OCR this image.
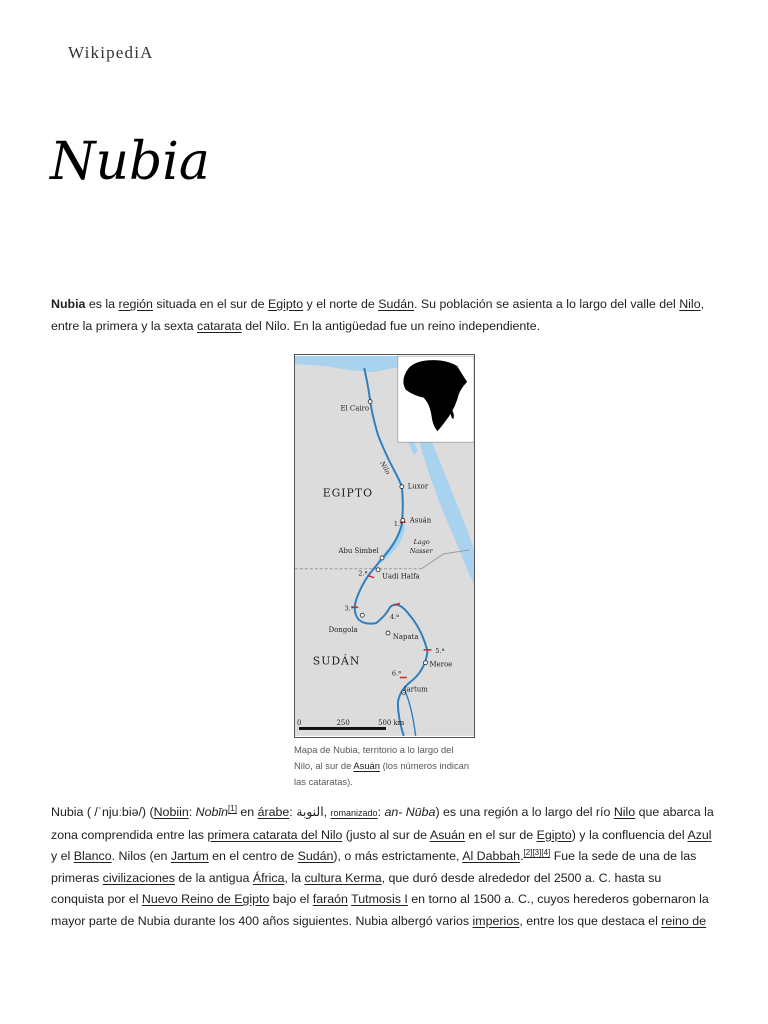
WikipediA
Nubia

Nubia es la región situada en el sur de Egipto y el norte de Sudán. Su población se asienta a lo largo del valle del Nilo, entre la primera y la sexta catarata del Nilo. En la antigüedad fue un reino independiente.

El Cairo
Nilo
EGIPTO	Luxor
1.ª Asuán
Lago
Nasser
Abu Simbel
2.ª Uadi Halfa
3.ª
4.ª
Dongola
Napata
5.ª
SUDÁN	Meroe
6.ª
Jartum
0	250	500 km
Mapa de Nubia, territorio a lo largo del Nilo, al sur de Asuán (los números indican las cataratas).

Nubia ( /ˈnjuːbiə/) (Nobiin: Nobīn[1] en árabe: النوبة, romanizado: an- Nūba) es una región a lo largo del río Nilo que abarca la zona comprendida entre las primera catarata del Nilo (justo al sur de Asuán en el sur de Egipto) y la confluencia del Azul y el Blanco. Nilos (en Jartum en el centro de Sudán), o más estrictamente, Al Dabbah.[2][3][4] Fue la sede de una de las primeras civilizaciones de la antigua África, la cultura Kerma, que duró desde alrededor del 2500 a. C. hasta su conquista por el Nuevo Reino de Egipto bajo el faraón Tutmosis I en torno al 1500 a. C., cuyos herederos gobernaron la mayor parte de Nubia durante los 400 años siguientes. Nubia albergó varios imperios, entre los que destaca el reino de
